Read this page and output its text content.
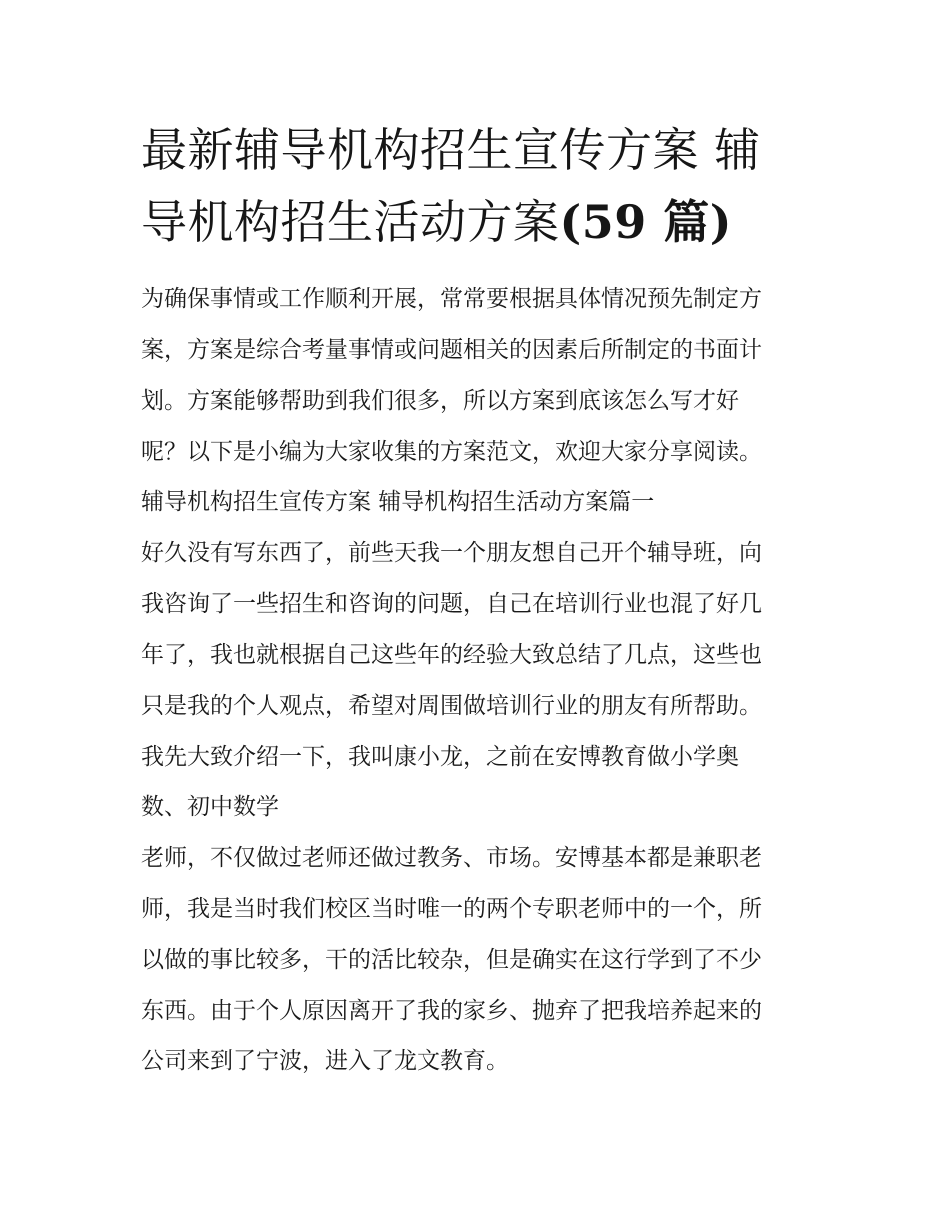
最新辅导机构招生宣传方案 辅
导机构招生活动方案(59 篇)

为确保事情或工作顺利开展，常常要根据具体情况预先制定方

案，方案是综合考量事情或问题相关的因素后所制定的书面计

划。方案能够帮助到我们很多，所以方案到底该怎么写才好

呢？以下是小编为大家收集的方案范文，欢迎大家分享阅读。

辅导机构招生宣传方案 辅导机构招生活动方案篇一

好久没有写东西了，前些天我一个朋友想自己开个辅导班，向

我咨询了一些招生和咨询的问题，自己在培训行业也混了好几

年了，我也就根据自己这些年的经验大致总结了几点，这些也

只是我的个人观点，希望对周围做培训行业的朋友有所帮助。

我先大致介绍一下，我叫康小龙，之前在安博教育做小学奥

数、初中数学

老师，不仅做过老师还做过教务、市场。安博基本都是兼职老

师，我是当时我们校区当时唯一的两个专职老师中的一个，所

以做的事比较多，干的活比较杂，但是确实在这行学到了不少

东西。由于个人原因离开了我的家乡、抛弃了把我培养起来的

公司来到了宁波，进入了龙文教育。
